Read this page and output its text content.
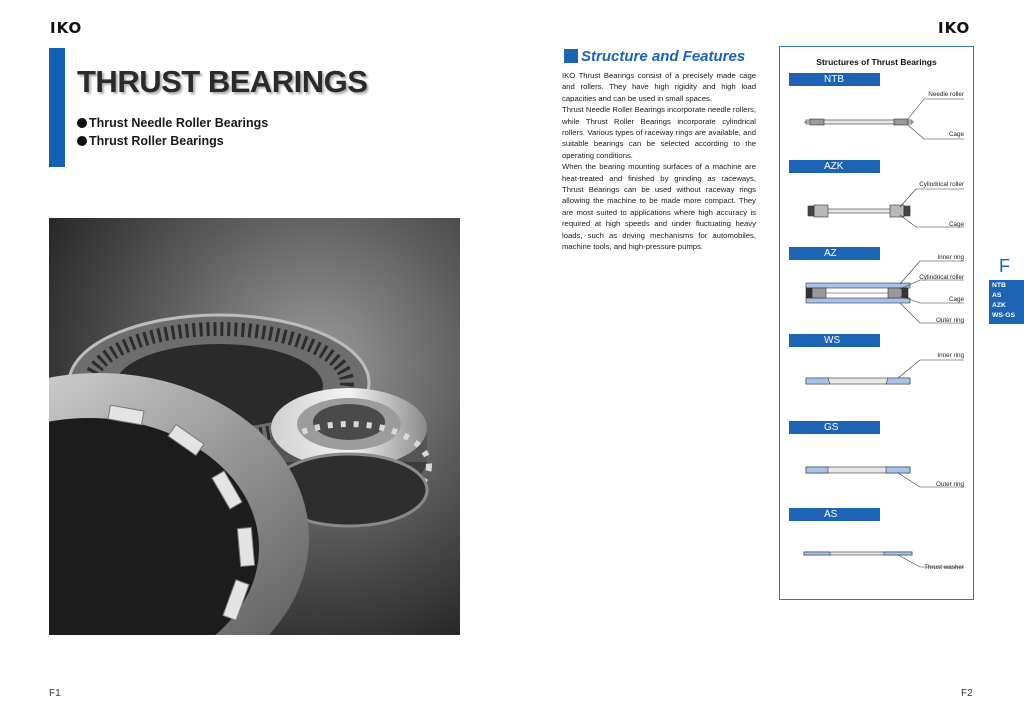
IKO	IKO
THRUST BEARINGS
Thrust Needle Roller Bearings
Thrust Roller Bearings
Structure and Features

IKO Thrust Bearings consist of a precisely made cage and rollers. They have high rigidity and high load capacities and can be used in small spaces.

Thrust Needle Roller Bearings incorporate needle rollers, while Thrust Roller Bearings incorporate cylindrical rollers. Various types of raceway rings are available, and suitable bearings can be selected according to the operating conditions.

When the bearing mounting surfaces of a machine are heat-treated and finished by grinding as raceways, Thrust Bearings can be used without raceway rings allowing the machine to be made more compact. They are most suited to applications where high accuracy is required at high speeds and under fluctuating heavy loads, such as driving mechanisms for automobiles, machine tools, and high-pressure pumps.

Structures of Thrust Bearings
NTB
AZK
AZ
WS
GS
AS
Needle roller
Cage
Cylindrical roller
Cage
Inner ring
Cylindrical roller
Cage
Outer ring
Inner ring
Outer ring
Thrust washer
F
NTB
AS
AZK
WS·GS
F1	F2
